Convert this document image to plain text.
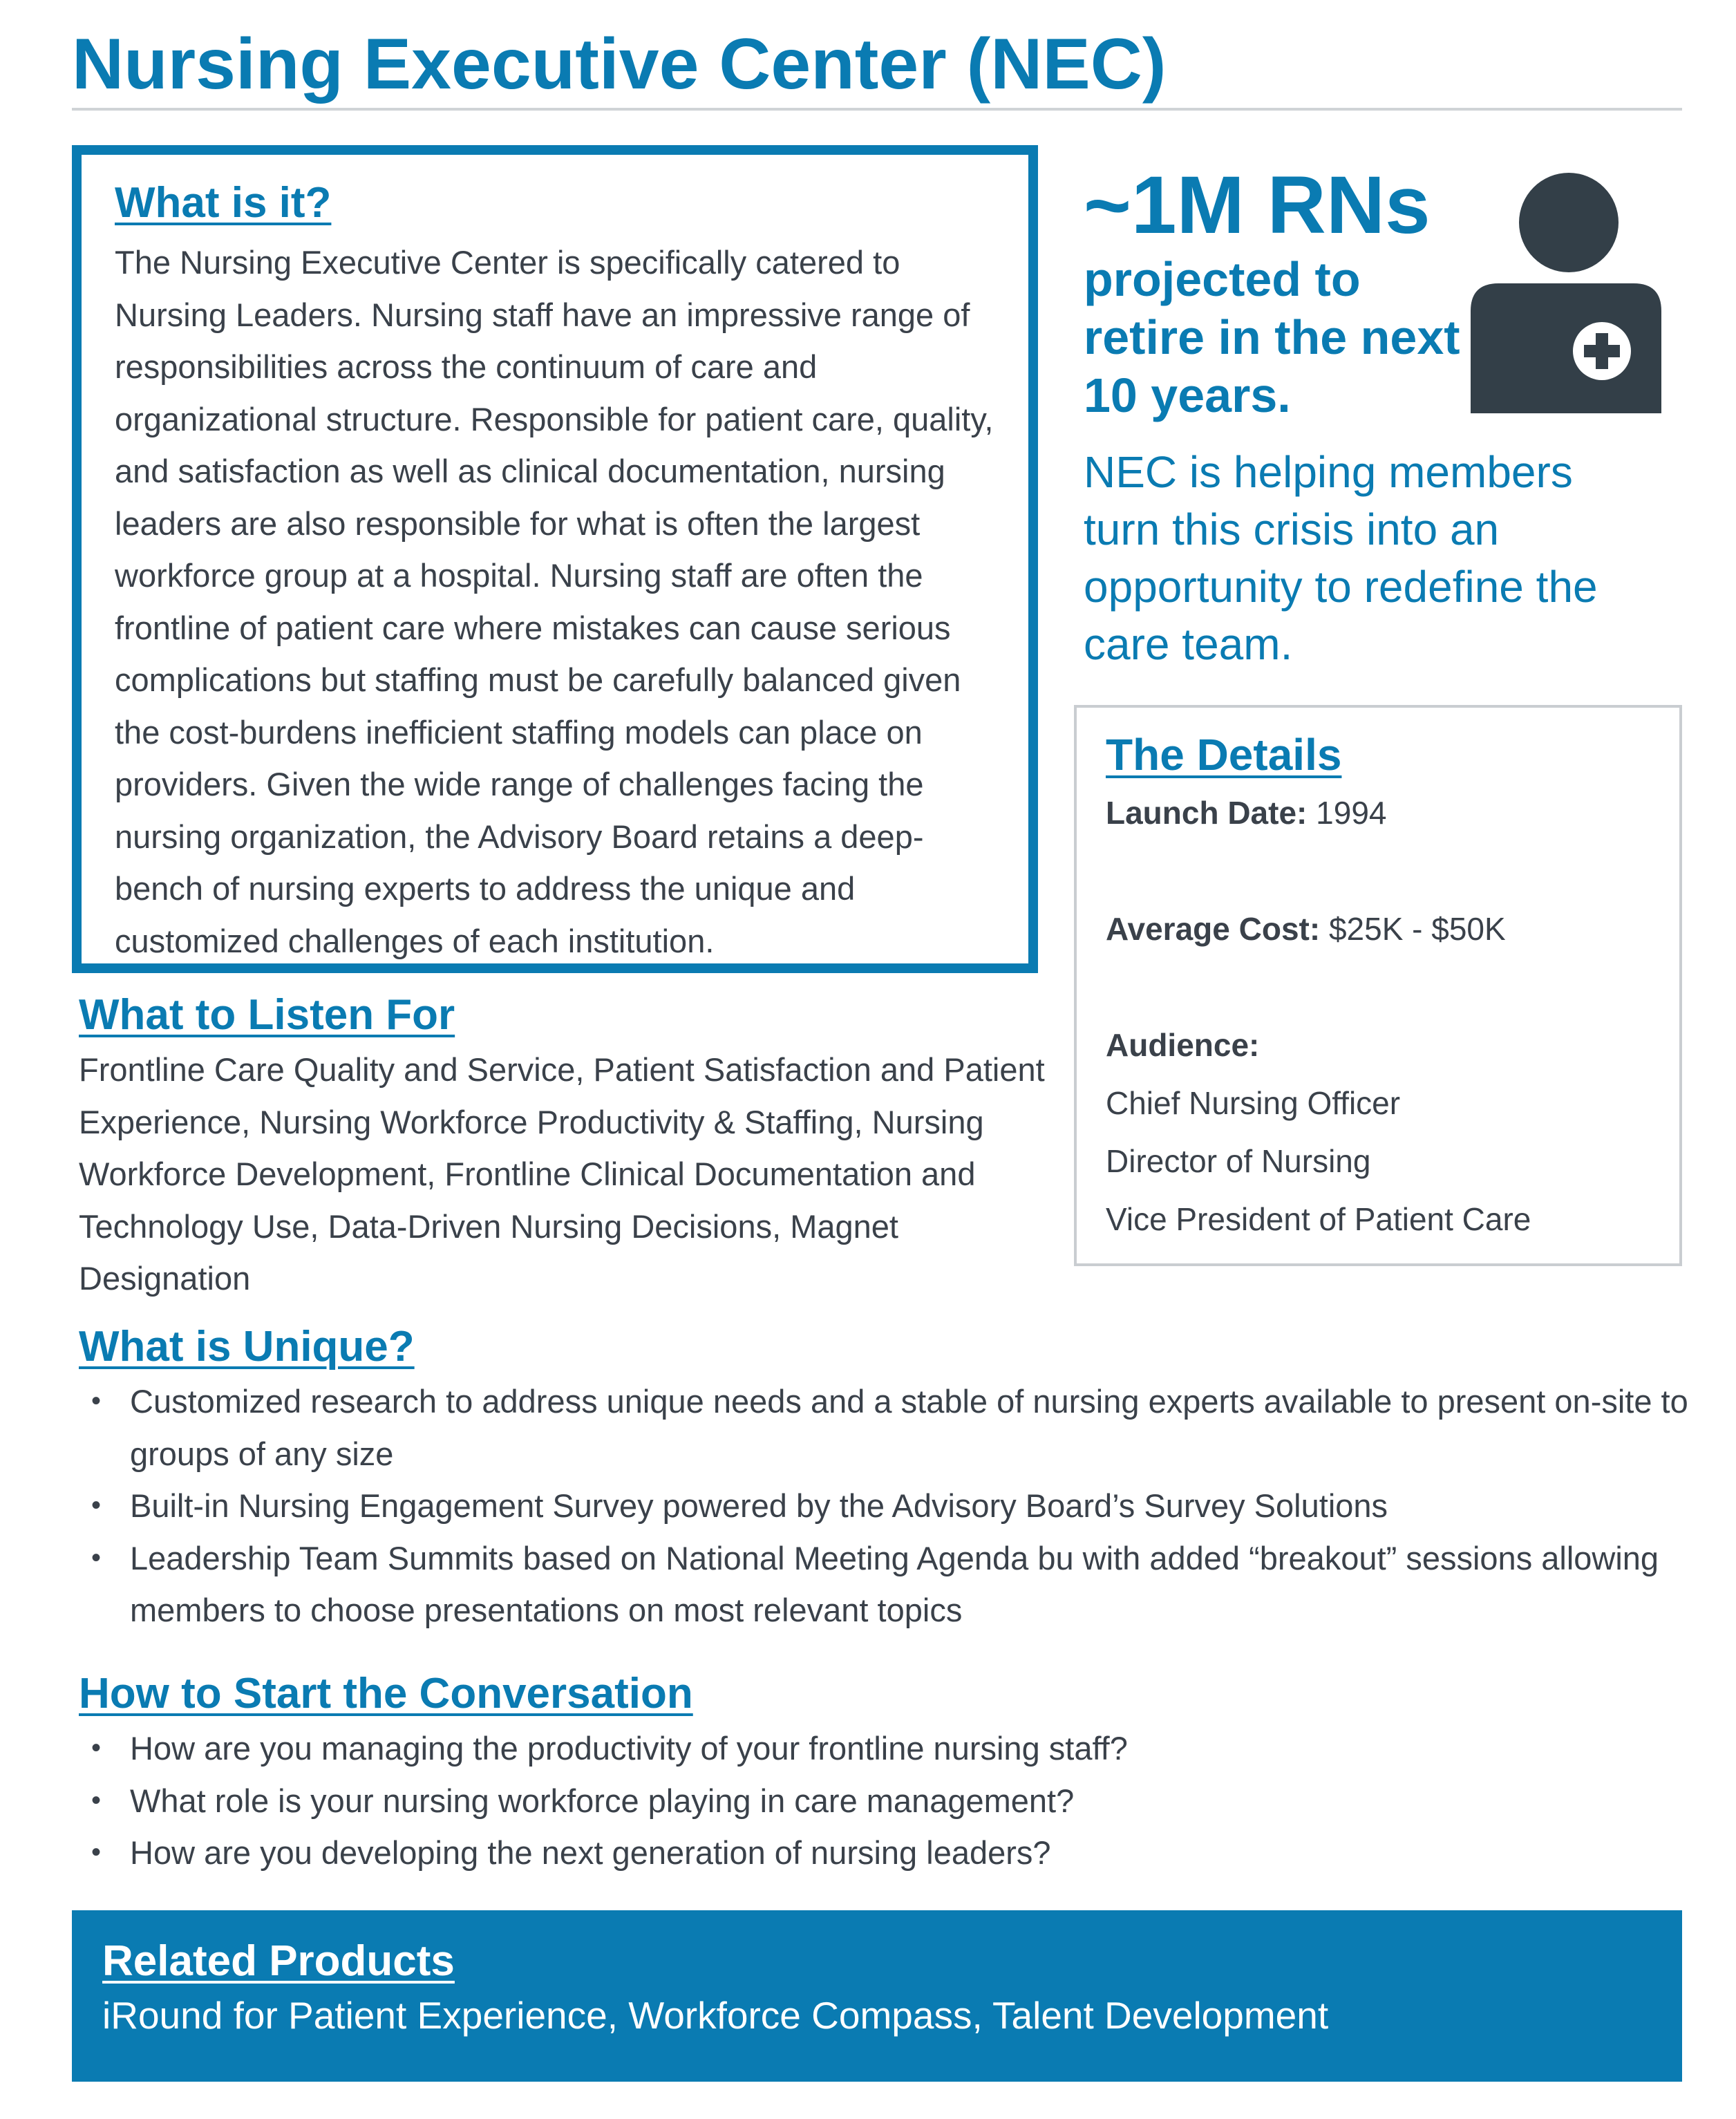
Nursing Executive Center (NEC)
What is it?

The Nursing Executive Center is specifically catered to Nursing Leaders. Nursing staff have an impressive range of responsibilities across the continuum of care and organizational structure. Responsible for patient care, quality, and satisfaction as well as clinical documentation, nursing leaders are also responsible for what is often the largest workforce group at a hospital. Nursing staff are often the frontline of patient care where mistakes can cause serious complications but staffing must be carefully balanced given the cost-burdens inefficient staffing models can place on providers. Given the wide range of challenges facing the nursing organization, the Advisory Board retains a deep-bench of nursing experts to address the unique and customized challenges of each institution.

~1M RNs

projected to retire in the next 10 years.

NEC is helping members turn this crisis into an opportunity to redefine the care team.

The Details

Launch Date: 1994

Average Cost: $25K - $50K

Audience:

Chief Nursing Officer

Director of Nursing

Vice President of Patient Care

What to Listen For

Frontline Care Quality and Service, Patient Satisfaction and Patient Experience, Nursing Workforce Productivity & Staffing, Nursing Workforce Development, Frontline Clinical Documentation and Technology Use, Data-Driven Nursing Decisions, Magnet Designation

What is Unique?
• Customized research to address unique needs and a stable of nursing experts available to present on-site to groups of any size
• Built-in Nursing Engagement Survey powered by the Advisory Board’s Survey Solutions
• Leadership Team Summits based on National Meeting Agenda bu with added “breakout” sessions allowing members to choose presentations on most relevant topics
How to Start the Conversation
• How are you managing the productivity of your frontline nursing staff?
• What role is your nursing workforce playing in care management?
• How are you developing the next generation of nursing leaders?
Related Products

iRound for Patient Experience, Workforce Compass, Talent Development
